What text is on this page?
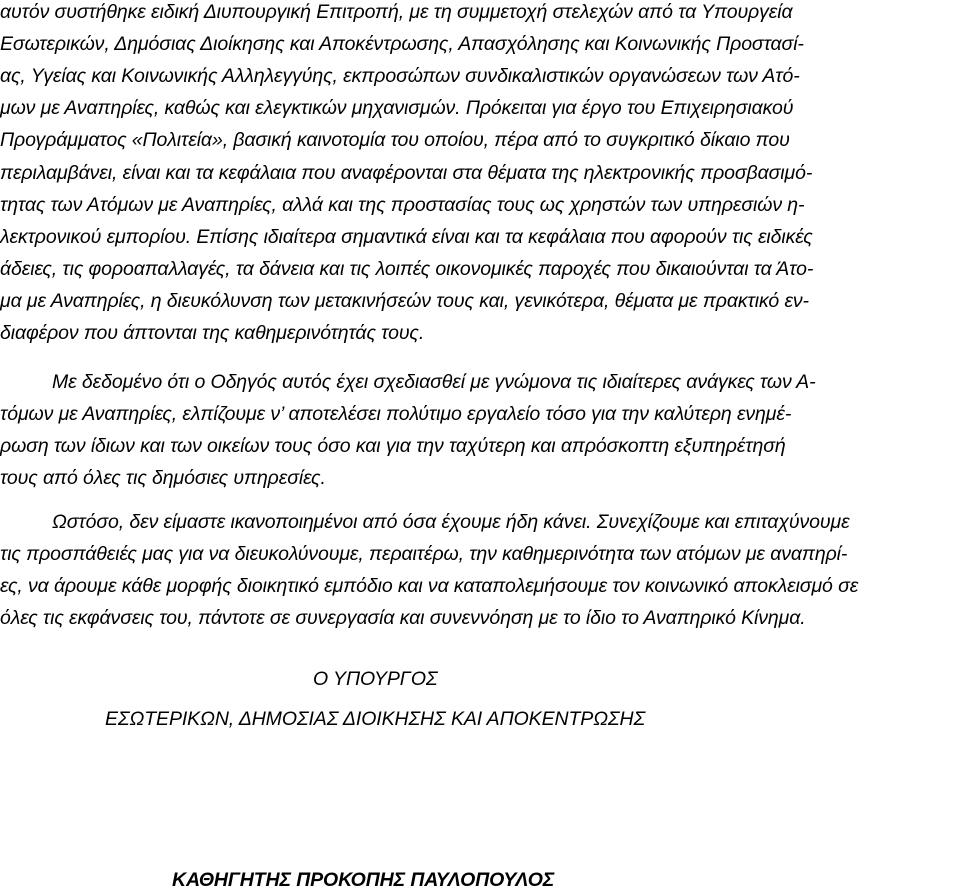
αυτόν συστήθηκε ειδική Διυπουργική Επιτροπή, με τη συμμετοχή στελεχών από τα Υπουργεία
Εσωτερικών, Δημόσιας Διοίκησης και Αποκέντρωσης, Απασχόλησης και Κοινωνικής Προστασί-
ας, Υγείας και Κοινωνικής Αλληλεγγύης, εκπροσώπων συνδικαλιστικών οργανώσεων των Ατό-
μων με Αναπηρίες, καθώς και ελεγκτικών μηχανισμών. Πρόκειται για έργο του Επιχειρησιακού
Προγράμματος «Πολιτεία», βασική καινοτομία του οποίου, πέρα από το συγκριτικό δίκαιο που
περιλαμβάνει, είναι και τα κεφάλαια που αναφέρονται στα θέματα της ηλεκτρονικής προσβασιμό-
τητας των Ατόμων με Αναπηρίες, αλλά και της προστασίας τους ως χρηστών των υπηρεσιών η-
λεκτρονικού εμπορίου. Επίσης ιδιαίτερα σημαντικά είναι και τα κεφάλαια που αφορούν τις ειδικές
άδειες, τις φοροαπαλλαγές, τα δάνεια και τις λοιπές οικονομικές παροχές που δικαιούνται τα Άτο-
μα με Αναπηρίες, η διευκόλυνση των μετακινήσεών τους και, γενικότερα, θέματα με πρακτικό εν-
διαφέρον που άπτονται της καθημερινότητάς τους.
Με δεδομένο ότι ο Οδηγός αυτός έχει σχεδιασθεί με γνώμονα τις ιδιαίτερες ανάγκες των Α-
τόμων με Αναπηρίες, ελπίζουμε ν’ αποτελέσει πολύτιμο εργαλείο τόσο για την καλύτερη ενημέ-
ρωση των ίδιων και των οικείων τους όσο και για την ταχύτερη και απρόσκοπτη εξυπηρέτησή
τους από όλες τις δημόσιες υπηρεσίες.
Ωστόσο, δεν είμαστε ικανοποιημένοι από όσα έχουμε ήδη κάνει. Συνεχίζουμε και επιταχύνουμε
τις προσπάθειές μας για να διευκολύνουμε, περαιτέρω, την καθημερινότητα των ατόμων με αναπηρί-
ες, να άρουμε κάθε μορφής διοικητικό εμπόδιο και να καταπολεμήσουμε τον κοινωνικό αποκλεισμό σε
όλες τις εκφάνσεις του, πάντοτε σε συνεργασία και συνεννόηση με το ίδιο το Αναπηρικό Κίνημα.
Ο ΥΠΟΥΡΓΟΣ
ΕΣΩΤΕΡΙΚΩΝ, ΔΗΜΟΣΙΑΣ ΔΙΟΙΚΗΣΗΣ ΚΑΙ ΑΠΟΚΕΝΤΡΩΣΗΣ
ΚΑΘΗΓΗΤΗΣ ΠΡΟΚΟΠΗΣ ΠΑΥΛΟΠΟΥΛΟΣ
